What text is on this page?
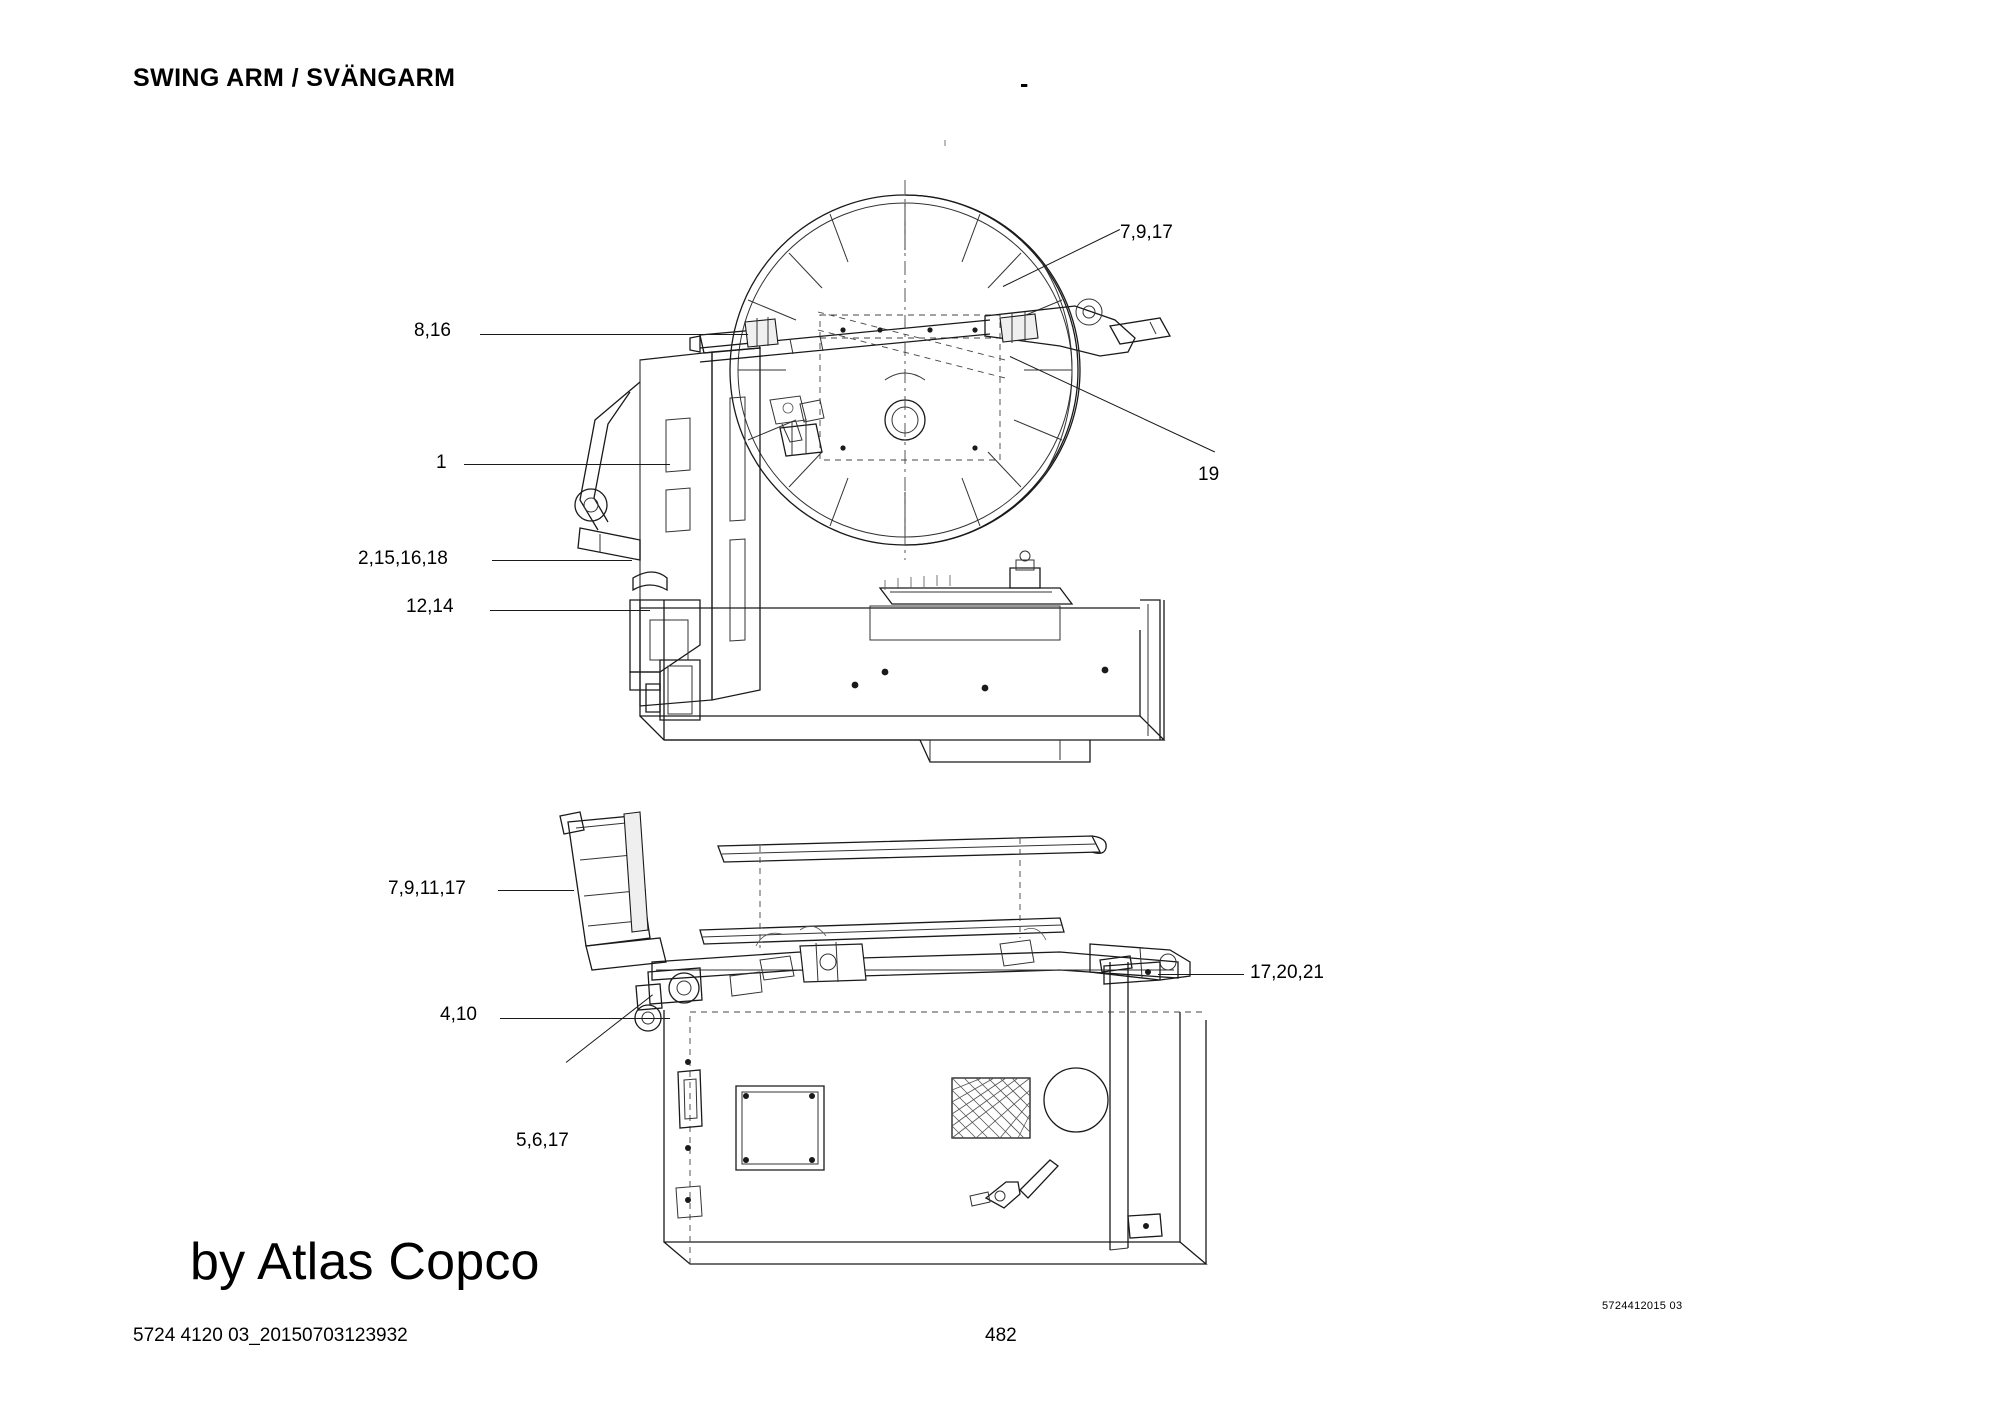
SWING ARM / SVÄNGARM	-
7,9,17
8,16
19
1
2,15,16,18
12,14
7,9,11,17
17,20,21
4,10
5,6,17
by Atlas Copco
5724 4120 03_20150703123932	482
5724412015 03
